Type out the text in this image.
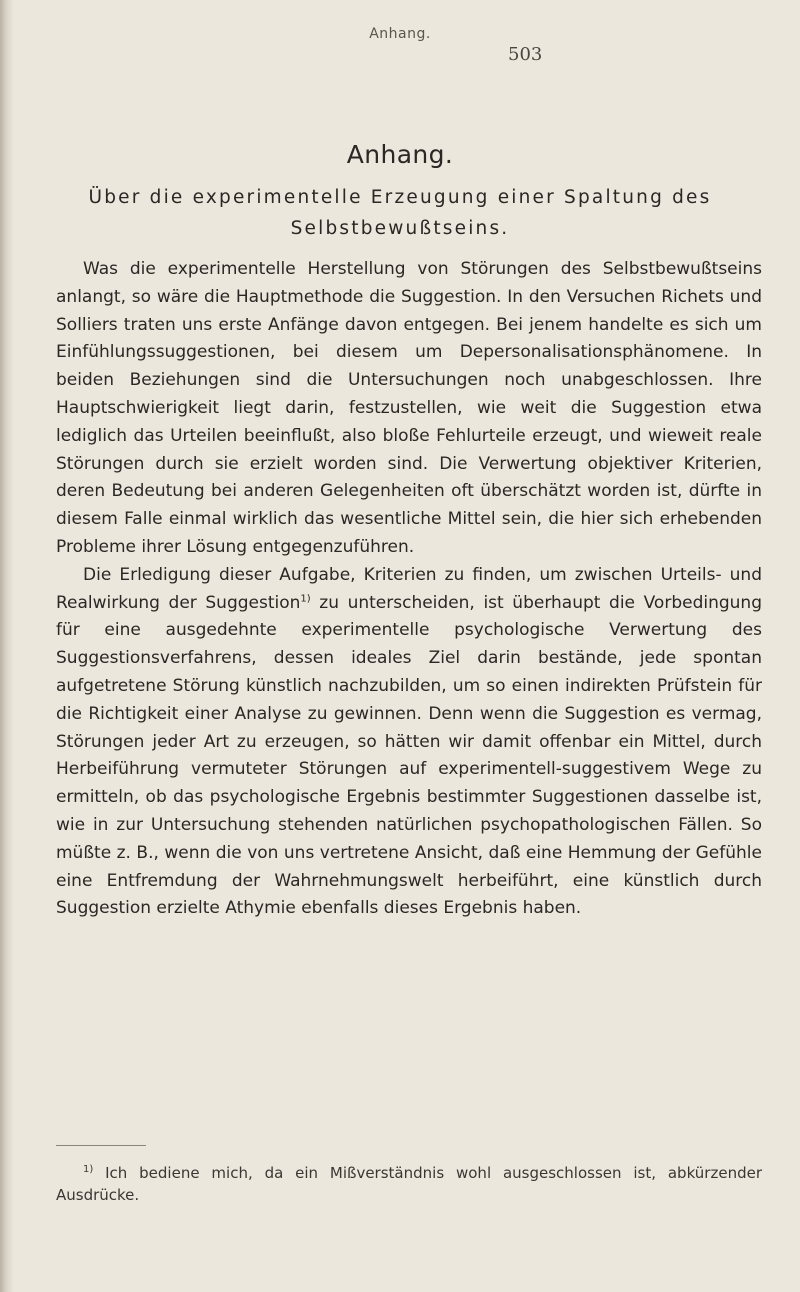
Anhang.
503
Anhang.
Über die experimentelle Erzeugung einer Spaltung des Selbstbewußtseins.

Was die experimentelle Herstellung von Störungen des Selbstbewußtseins anlangt, so wäre die Hauptmethode die Suggestion. In den Versuchen Richets und Solliers traten uns erste Anfänge davon entgegen. Bei jenem handelte es sich um Einfühlungssuggestionen, bei diesem um Depersonalisationsphänomene. In beiden Beziehungen sind die Untersuchungen noch unabgeschlossen. Ihre Hauptschwierigkeit liegt darin, festzustellen, wie weit die Suggestion etwa lediglich das Urteilen beeinflußt, also bloße Fehlurteile erzeugt, und wieweit reale Störungen durch sie erzielt worden sind. Die Verwertung objektiver Kriterien, deren Bedeutung bei anderen Gelegenheiten oft überschätzt worden ist, dürfte in diesem Falle einmal wirklich das wesentliche Mittel sein, die hier sich erhebenden Probleme ihrer Lösung entgegenzuführen.

Die Erledigung dieser Aufgabe, Kriterien zu finden, um zwischen Urteils- und Realwirkung der Suggestion$^{1)}$ zu unterscheiden, ist überhaupt die Vorbedingung für eine ausgedehnte experimentelle psychologische Verwertung des Suggestionsverfahrens, dessen ideales Ziel darin bestände, jede spontan aufgetretene Störung künstlich nachzubilden, um so einen indirekten Prüfstein für die Richtigkeit einer Analyse zu gewinnen. Denn wenn die Suggestion es vermag, Störungen jeder Art zu erzeugen, so hätten wir damit offenbar ein Mittel, durch Herbeiführung vermuteter Störungen auf experimentell-suggestivem Wege zu ermitteln, ob das psychologische Ergebnis bestimmter Suggestionen dasselbe ist, wie in zur Untersuchung stehenden natürlichen psychopathologischen Fällen. So müßte z. B., wenn die von uns vertretene Ansicht, daß eine Hemmung der Gefühle eine Entfremdung der Wahrnehmungswelt herbeiführt, eine künstlich durch Suggestion erzielte Athymie ebenfalls dieses Ergebnis haben.

$^{1)}$ Ich bediene mich, da ein Mißverständnis wohl ausgeschlossen ist, abkürzender Ausdrücke.
